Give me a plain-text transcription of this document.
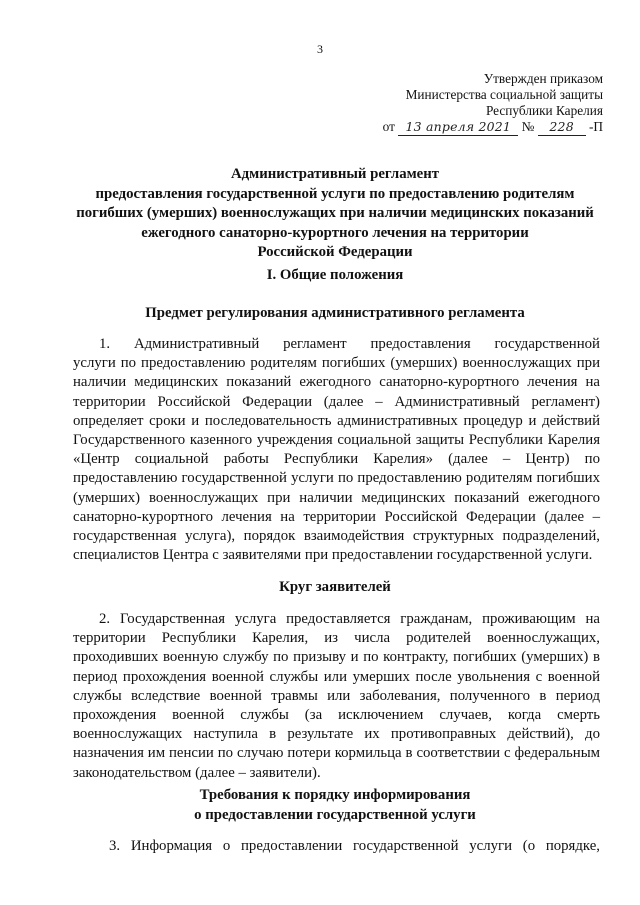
3
Утвержден приказом
Министерства социальной защиты
Республики Карелия
от 13 апреля 2021 № 228 -П
Административный регламент
предоставления государственной услуги по предоставлению родителям
погибших (умерших) военнослужащих при наличии медицинских показаний
ежегодного санаторно-курортного лечения на территории
Российской Федерации
I. Общие положения
Предмет регулирования административного регламента
1. Административный регламент предоставления государственной
услуги по предоставлению родителям погибших (умерших) военнослужащих при наличии медицинских показаний ежегодного санаторно-курортного лечения на территории Российской Федерации (далее – Административный регламент) определяет сроки и последовательность административных процедур и действий Государственного казенного учреждения социальной защиты Республики Карелия «Центр социальной работы Республики Карелия» (далее – Центр) по предоставлению государственной услуги по предоставлению родителям погибших (умерших) военнослужащих при наличии медицинских показаний ежегодного санаторно-курортного лечения на территории Российской Федерации (далее – государственная услуга), порядок взаимодействия структурных подразделений, специалистов Центра с заявителями при предоставлении государственной услуги.
Круг заявителей
2. Государственная услуга предоставляется гражданам, проживающим на территории Республики Карелия, из числа родителей военнослужащих, проходивших военную службу по призыву и по контракту, погибших (умерших) в период прохождения военной службы или умерших после увольнения с военной службы вследствие военной травмы или заболевания, полученного в период прохождения военной службы (за исключением случаев, когда смерть военнослужащих наступила в результате их противоправных действий), до назначения им пенсии по случаю потери кормильца в соответствии с федеральным законодательством (далее – заявители).
Требования к порядку информирования
о предоставлении государственной услуги
3. Информация о предоставлении государственной услуги (о порядке,
